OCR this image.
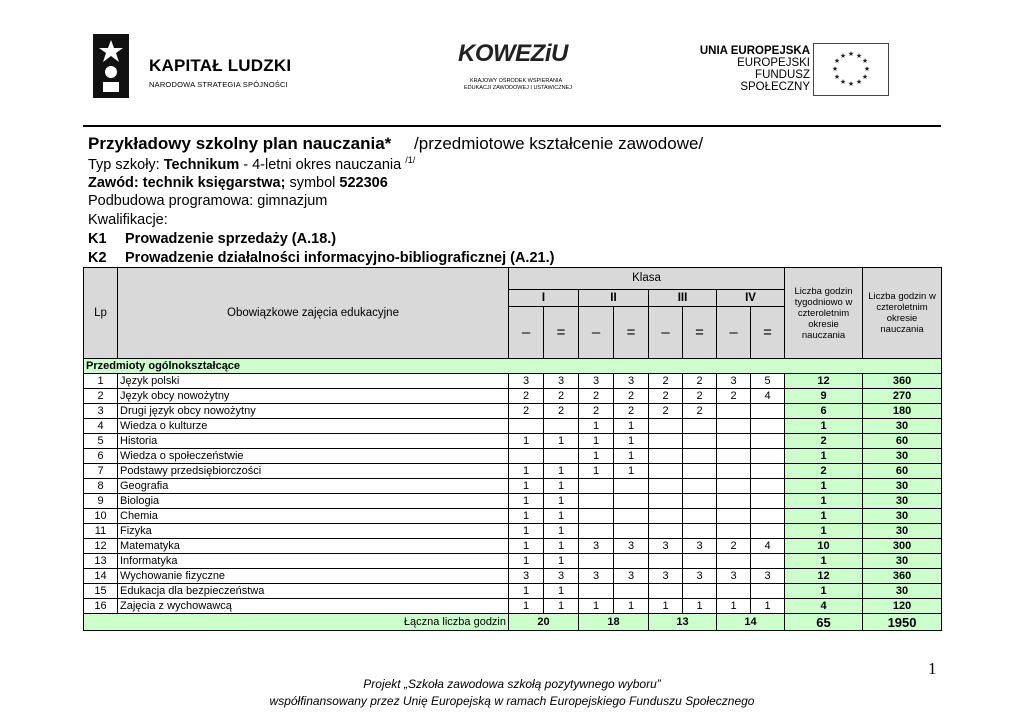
KAPITAŁ LUDZKI
NARODOWA STRATEGIA SPÓJNOŚCI
KOWEZiU
KRAJOWY OŚRODEK WSPIERANIA
EDUKACJI ZAWODOWEJ I USTAWICZNEJ
UNIA EUROPEJSKA
EUROPEJSKI
FUNDUSZ SPOŁECZNY
★ ★
★
★
★
★
★
★
★
★
★
★
Przykładowy szkolny plan nauczania* /przedmiotowe kształcenie zawodowe/
Typ szkoły: Technikum - 4-letni okres nauczania $^{/1/}$
Zawód: technik księgarstwa; symbol 522306
Podbudowa programowa: gimnazjum
Kwalifikacje:
K1 Prowadzenie sprzedaży (A.18.)
K2 Prowadzenie działalności informacyjno-bibliograficznej (A.21.)
Lp	Obowiązkowe zajęcia edukacyjne	Klasa								Liczba godzin tygodniowo w czteroletnim okresie nauczania	Liczba godzin w czteroletnim okresie nauczania
		I		II		III		IV			
		–	=	–	=	–	=	–	=		
Przedmioty ogólnokształcące											
1	Język polski	3	3	3	3	2	2	3	5	12	360
2	Język obcy nowożytny	2	2	2	2	2	2	2	4	9	270
3	Drugi język obcy nowożytny	2	2	2	2	2	2			6	180
4	Wiedza o kulturze			1	1					1	30
5	Historia	1	1	1	1					2	60
6	Wiedza o społeczeństwie			1	1					1	30
7	Podstawy przedsiębiorczości	1	1	1	1					2	60
8	Geografia	1	1							1	30
9	Biologia	1	1							1	30
10	Chemia	1	1							1	30
11	Fizyka	1	1							1	30
12	Matematyka	1	1	3	3	3	3	2	4	10	300
13	Informatyka	1	1							1	30
14	Wychowanie fizyczne	3	3	3	3	3	3	3	3	12	360
15	Edukacja dla bezpieczeństwa	1	1							1	30
16	Zajęcia z wychowawcą	1	1	1	1	1	1	1	1	4	120
Łączna liczba godzin		20		18		13		14		65	1950
1
Projekt „Szkoła zawodowa szkołą pozytywnego wyboru”
współfinansowany przez Unię Europejską w ramach Europejskiego Funduszu Społecznego
